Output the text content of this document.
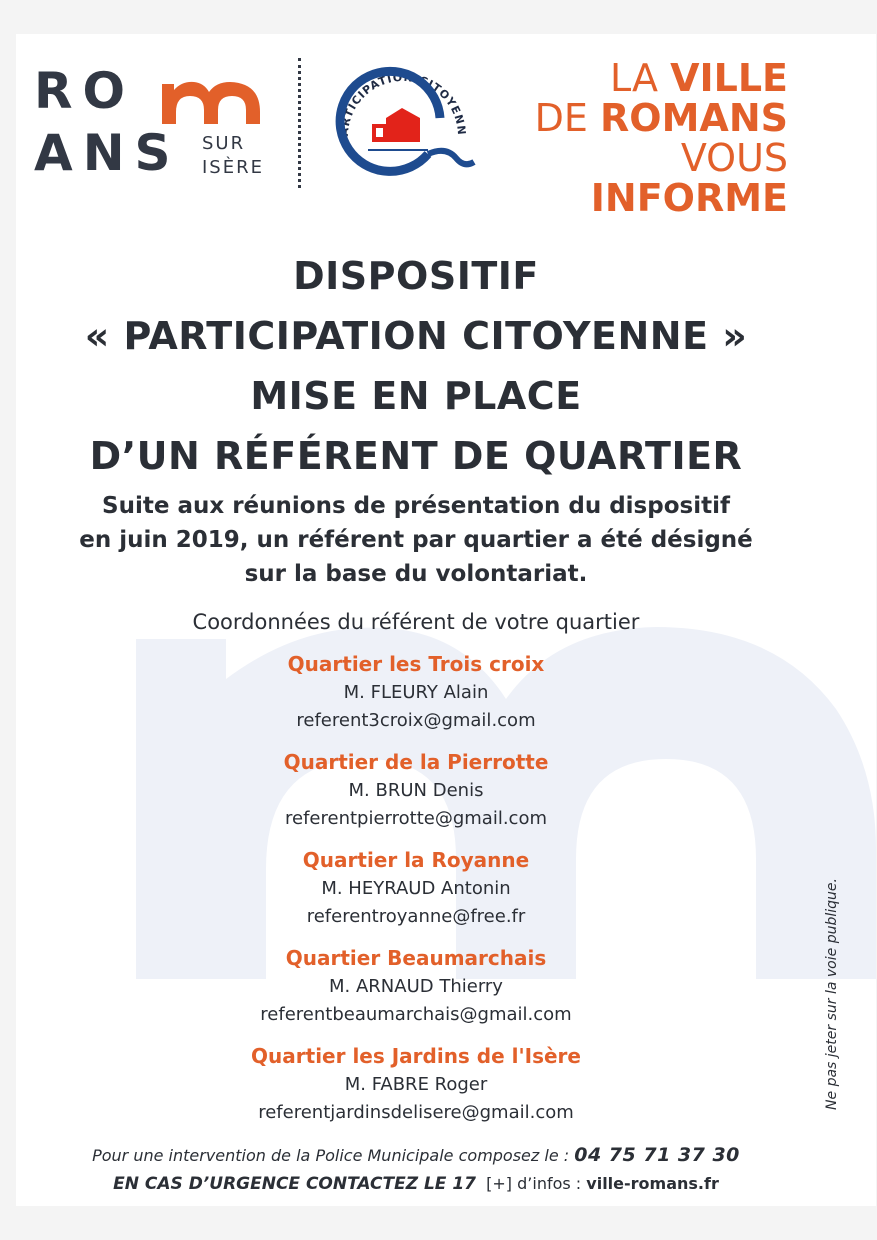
RO
ANS SUR
ISÈRE
ARTICIPATION CITOYENN
LA VILLE
DE ROMANS
VOUS
INFORME
DISPOSITIF
« PARTICIPATION CITOYENNE »
MISE EN PLACE
D’UN RÉFÉRENT DE QUARTIER
Suite aux réunions de présentation du dispositif
en juin 2019, un référent par quartier a été désigné
sur la base du volontariat.
Coordonnées du référent de votre quartier
Quartier les Trois croix
M. FLEURY Alain
referent3croix@gmail.com
Quartier de la Pierrotte
M. BRUN Denis
referentpierrotte@gmail.com
Quartier la Royanne
M. HEYRAUD Antonin
referentroyanne@free.fr
Quartier Beaumarchais
M. ARNAUD Thierry
referentbeaumarchais@gmail.com
Quartier les Jardins de l'Isère
M. FABRE Roger
referentjardinsdelisere@gmail.com
Ne pas jeter sur la voie publique.
Pour une intervention de la Police Municipale composez le : 04 75 71 37 30
EN CAS D’URGENCE CONTACTEZ LE 17  [+] d’infos : ville-romans.fr
